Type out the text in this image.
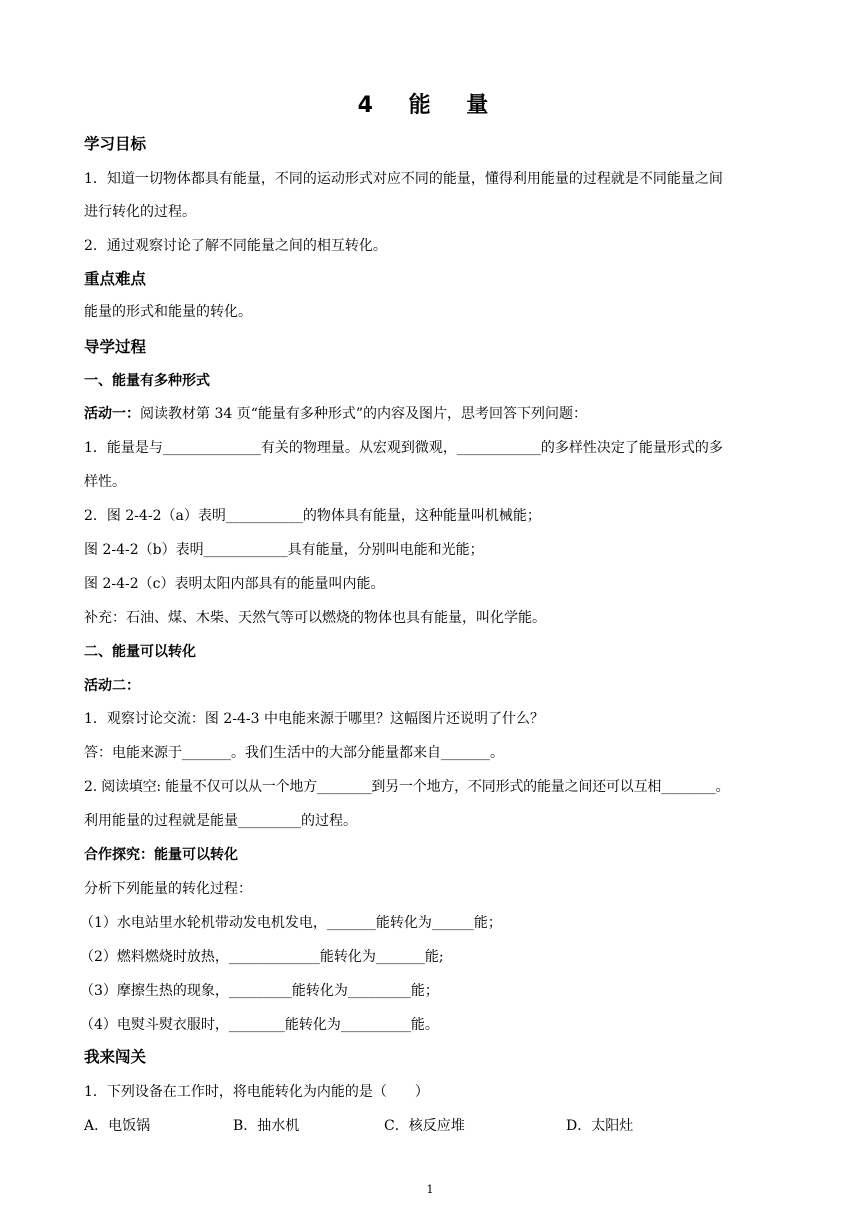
4 能 量
学习目标
1．知道一切物体都具有能量，不同的运动形式对应不同的能量，懂得利用能量的过程就是不同能量之间
进行转化的过程。
2．通过观察讨论了解不同能量之间的相互转化。
重点难点
能量的形式和能量的转化。
导学过程
一、能量有多种形式
活动一：阅读教材第 34 页“能量有多种形式”的内容及图片，思考回答下列问题：
1．能量是与______________有关的物理量。从宏观到微观，____________的多样性决定了能量形式的多
样性。
2．图 2-4-2（a）表明___________的物体具有能量，这种能量叫机械能；
图 2-4-2（b）表明____________具有能量，分别叫电能和光能；
图 2-4-2（c）表明太阳内部具有的能量叫内能。
补充：石油、煤、木柴、天然气等可以燃烧的物体也具有能量，叫化学能。
二、能量可以转化
活动二：
1．观察讨论交流：图 2-4-3 中电能来源于哪里？这幅图片还说明了什么？
答：电能来源于_______。我们生活中的大部分能量都来自_______。
2. 阅读填空: 能量不仅可以从一个地方________到另一个地方，不同形式的能量之间还可以互相________。
利用能量的过程就是能量_________的过程。
合作探究：能量可以转化
分析下列能量的转化过程：
（1）水电站里水轮机带动发电机发电，_______能转化为______能；
（2）燃料燃烧时放热，_____________能转化为_______能;
（3）摩擦生热的现象，_________能转化为_________能；
（4）电熨斗熨衣服时，________能转化为__________能。
我来闯关
1．下列设备在工作时，将电能转化为内能的是（　　）
A．电饭锅	B．抽水机	C．核反应堆	D．太阳灶
1
